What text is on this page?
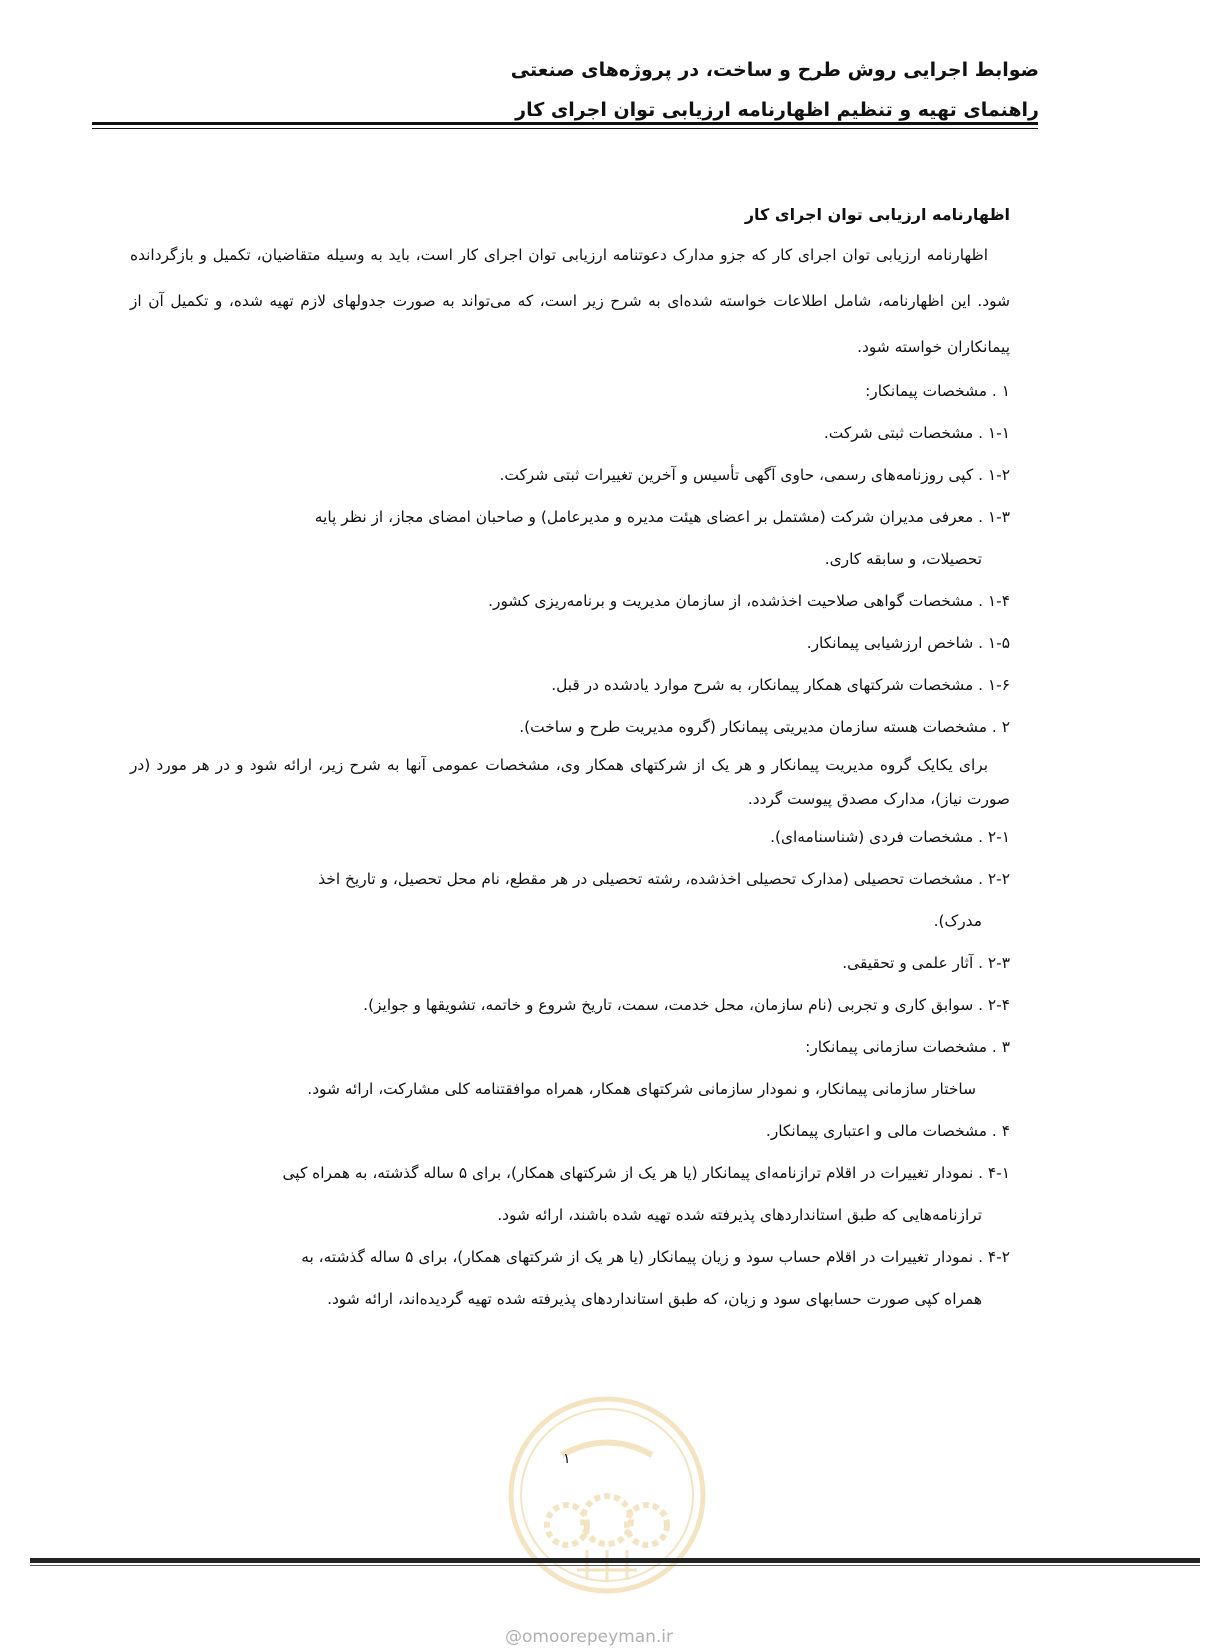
ضوابط اجرایی روش طرح و ساخت، در پروژه‌های صنعتی
راهنمای تهیه و تنظیم اظهارنامه ارزیابی توان اجرای کار
اظهارنامه ارزیابی توان اجرای کار
اظهارنامه ارزیابی توان اجرای کار که جزو مدارک دعوتنامه ارزیابی توان اجرای کار است، باید به وسیله متقاضیان، تکمیل و بازگردانده شود. این اظهارنامه، شامل اطلاعات خواسته شده‌ای به شرح زیر است، که می‌تواند به صورت جدولهای لازم تهیه شده، و تکمیل آن از پیمانکاران خواسته شود.
۱ . مشخصات پیمانکار:
۱-۱ . مشخصات ثبتی شرکت.
۱-۲ . کپی روزنامه‌های رسمی، حاوی آگهی تأسیس و آخرین تغییرات ثبتی شرکت.
۱-۳ . معرفی مدیران شرکت (مشتمل بر اعضای هیئت مدیره و مدیرعامل) و صاحبان امضای مجاز، از نظر پایه
تحصیلات، و سابقه کاری.
۱-۴ . مشخصات گواهی صلاحیت اخذشده، از سازمان مدیریت و برنامه‌ریزی کشور.
۱-۵ . شاخص ارزشیابی پیمانکار.
۱-۶ . مشخصات شرکتهای همکار پیمانکار، به شرح موارد یادشده در قبل.
۲ . مشخصات هسته سازمان مدیریتی پیمانکار (گروه مدیریت طرح و ساخت).
برای یکایک گروه مدیریت پیمانکار و هر یک از شرکتهای همکار وی، مشخصات عمومی آنها به شرح زیر، ارائه شود و در هر مورد (در صورت نیاز)، مدارک مصدق پیوست گردد.
۲-۱ . مشخصات فردی (شناسنامه‌ای).
۲-۲ . مشخصات تحصیلی (مدارک تحصیلی اخذشده، رشته تحصیلی در هر مقطع، نام محل تحصیل، و تاریخ اخذ
مدرک).
۲-۳ . آثار علمی و تحقیقی.
۲-۴ . سوابق کاری و تجربی (نام سازمان، محل خدمت، سمت، تاریخ شروع و خاتمه، تشویقها و جوایز).
۳ . مشخصات سازمانی پیمانکار:
ساختار سازمانی پیمانکار، و نمودار سازمانی شرکتهای همکار، همراه موافقتنامه کلی مشارکت، ارائه شود.
۴ . مشخصات مالی و اعتباری پیمانکار.
۴-۱ . نمودار تغییرات در اقلام ترازنامه‌ای پیمانکار (یا هر یک از شرکتهای همکار)، برای ۵ ساله گذشته، به همراه کپی
ترازنامه‌هایی که طبق استانداردهای پذیرفته شده تهیه شده باشند، ارائه شود.
۴-۲ . نمودار تغییرات در اقلام حساب سود و زیان پیمانکار (یا هر یک از شرکتهای همکار)، برای ۵ ساله گذشته، به
همراه کپی صورت حسابهای سود و زیان، که طبق استانداردهای پذیرفته شده تهیه گردیده‌اند، ارائه شود.
۱
@omoorepeyman.ir
